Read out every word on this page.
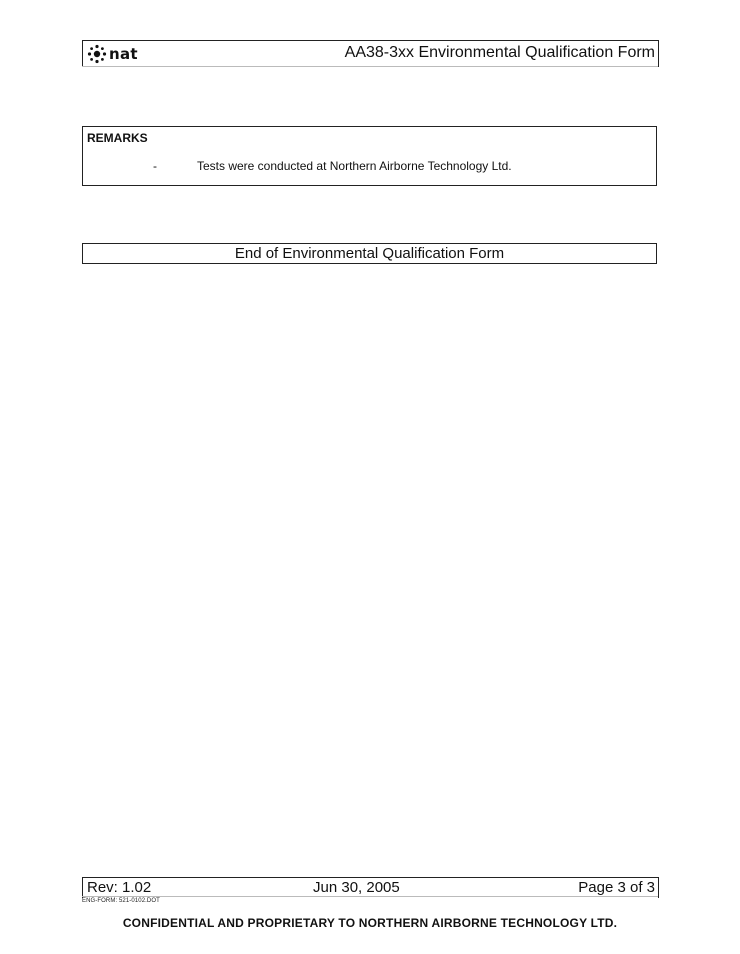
nat	AA38-3xx Environmental Qualification Form
REMARKS
-	Tests were conducted at Northern Airborne Technology Ltd.
End of Environmental Qualification Form
Rev: 1.02	Jun 30, 2005	Page 3 of 3
ENG-FORM: 521-0102.DOT
CONFIDENTIAL AND PROPRIETARY TO NORTHERN AIRBORNE TECHNOLOGY LTD.
